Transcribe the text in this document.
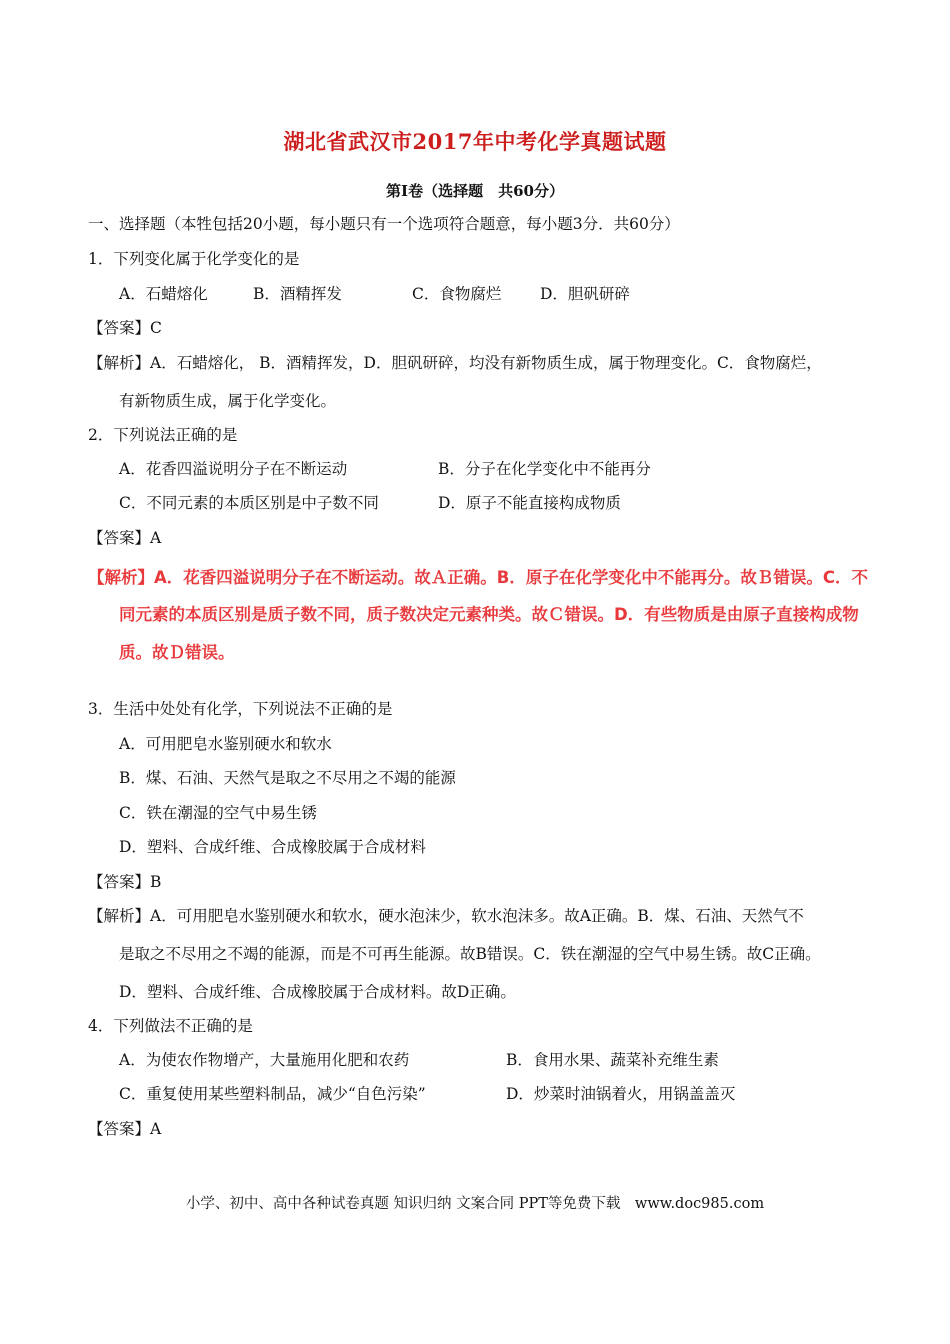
湖北省武汉市2017年中考化学真题试题
第I卷（选择题　共60分）
一、选择题（本牲包括20小题，每小题只有一个选项符合题意，每小题3分．共60分）
1．下列变化属于化学变化的是
A．石蜡熔化	B．酒精挥发	C．食物腐烂 D．胆矾研碎
【答案】C
【解析】A．石蜡熔化， B．酒精挥发，D．胆矾研碎，均没有新物质生成，属于物理变化。C．食物腐烂，
有新物质生成，属于化学变化。
2．下列说法正确的是
A．花香四溢说明分子在不断运动	B．分子在化学变化中不能再分
C．不同元素的本质区别是中子数不同	D．原子不能直接构成物质
【答案】A
【解析】A．花香四溢说明分子在不断运动。故Ａ正确。B．原子在化学变化中不能再分。故Ｂ错误。C．不
同元素的本质区别是质子数不同，质子数决定元素种类。故Ｃ错误。D．有些物质是由原子直接构成物
质。故Ｄ错误。
3．生活中处处有化学，下列说法不正确的是
A．可用肥皂水鉴别硬水和软水
B．煤、石油、天然气是取之不尽用之不竭的能源
C．铁在潮湿的空气中易生锈
D．塑料、合成纤维、合成橡胶属于合成材料
【答案】B
【解析】A．可用肥皂水鉴别硬水和软水，硬水泡沫少，软水泡沫多。故A正确。B．煤、石油、天然气不
是取之不尽用之不竭的能源，而是不可再生能源。故B错误。C．铁在潮湿的空气中易生锈。故C正确。
D．塑料、合成纤维、合成橡胶属于合成材料。故D正确。
4．下列做法不正确的是
A．为使农作物增产，大量施用化肥和农药	B．食用水果、蔬菜补充维生素
C．重复使用某些塑料制品，减少“自色污染”	D．炒菜时油锅着火，用锅盖盖灭
【答案】A
小学、初中、高中各种试卷真题 知识归纳 文案合同 PPT等免费下载　www.doc985.com
